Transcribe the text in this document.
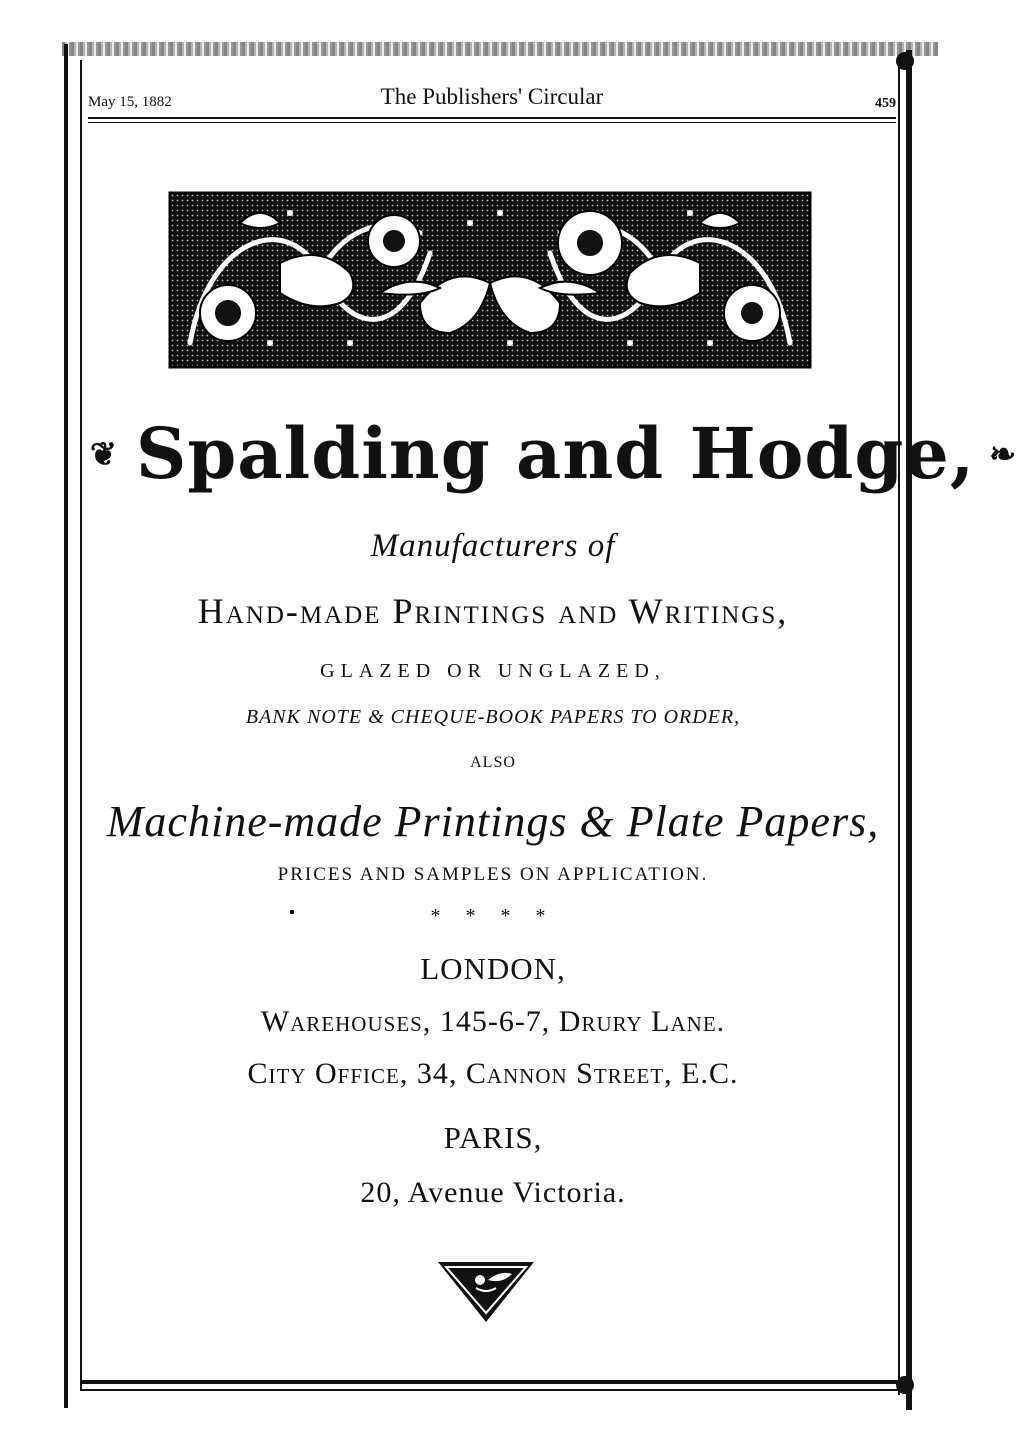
May 15, 1882	The Publishers' Circular	459
❦ Spalding and Hodge, ❧
Manufacturers of
Hand-made Printings and Writings,
GLAZED OR UNGLAZED,
BANK NOTE & CHEQUE-BOOK PAPERS TO ORDER,
ALSO
Machine-made Printings & Plate Papers,
PRICES AND SAMPLES ON APPLICATION.
* * * *
LONDON,
Warehouses, 145-6-7, Drury Lane.
City Office, 34, Cannon Street, E.C.
PARIS,
20, Avenue Victoria.
